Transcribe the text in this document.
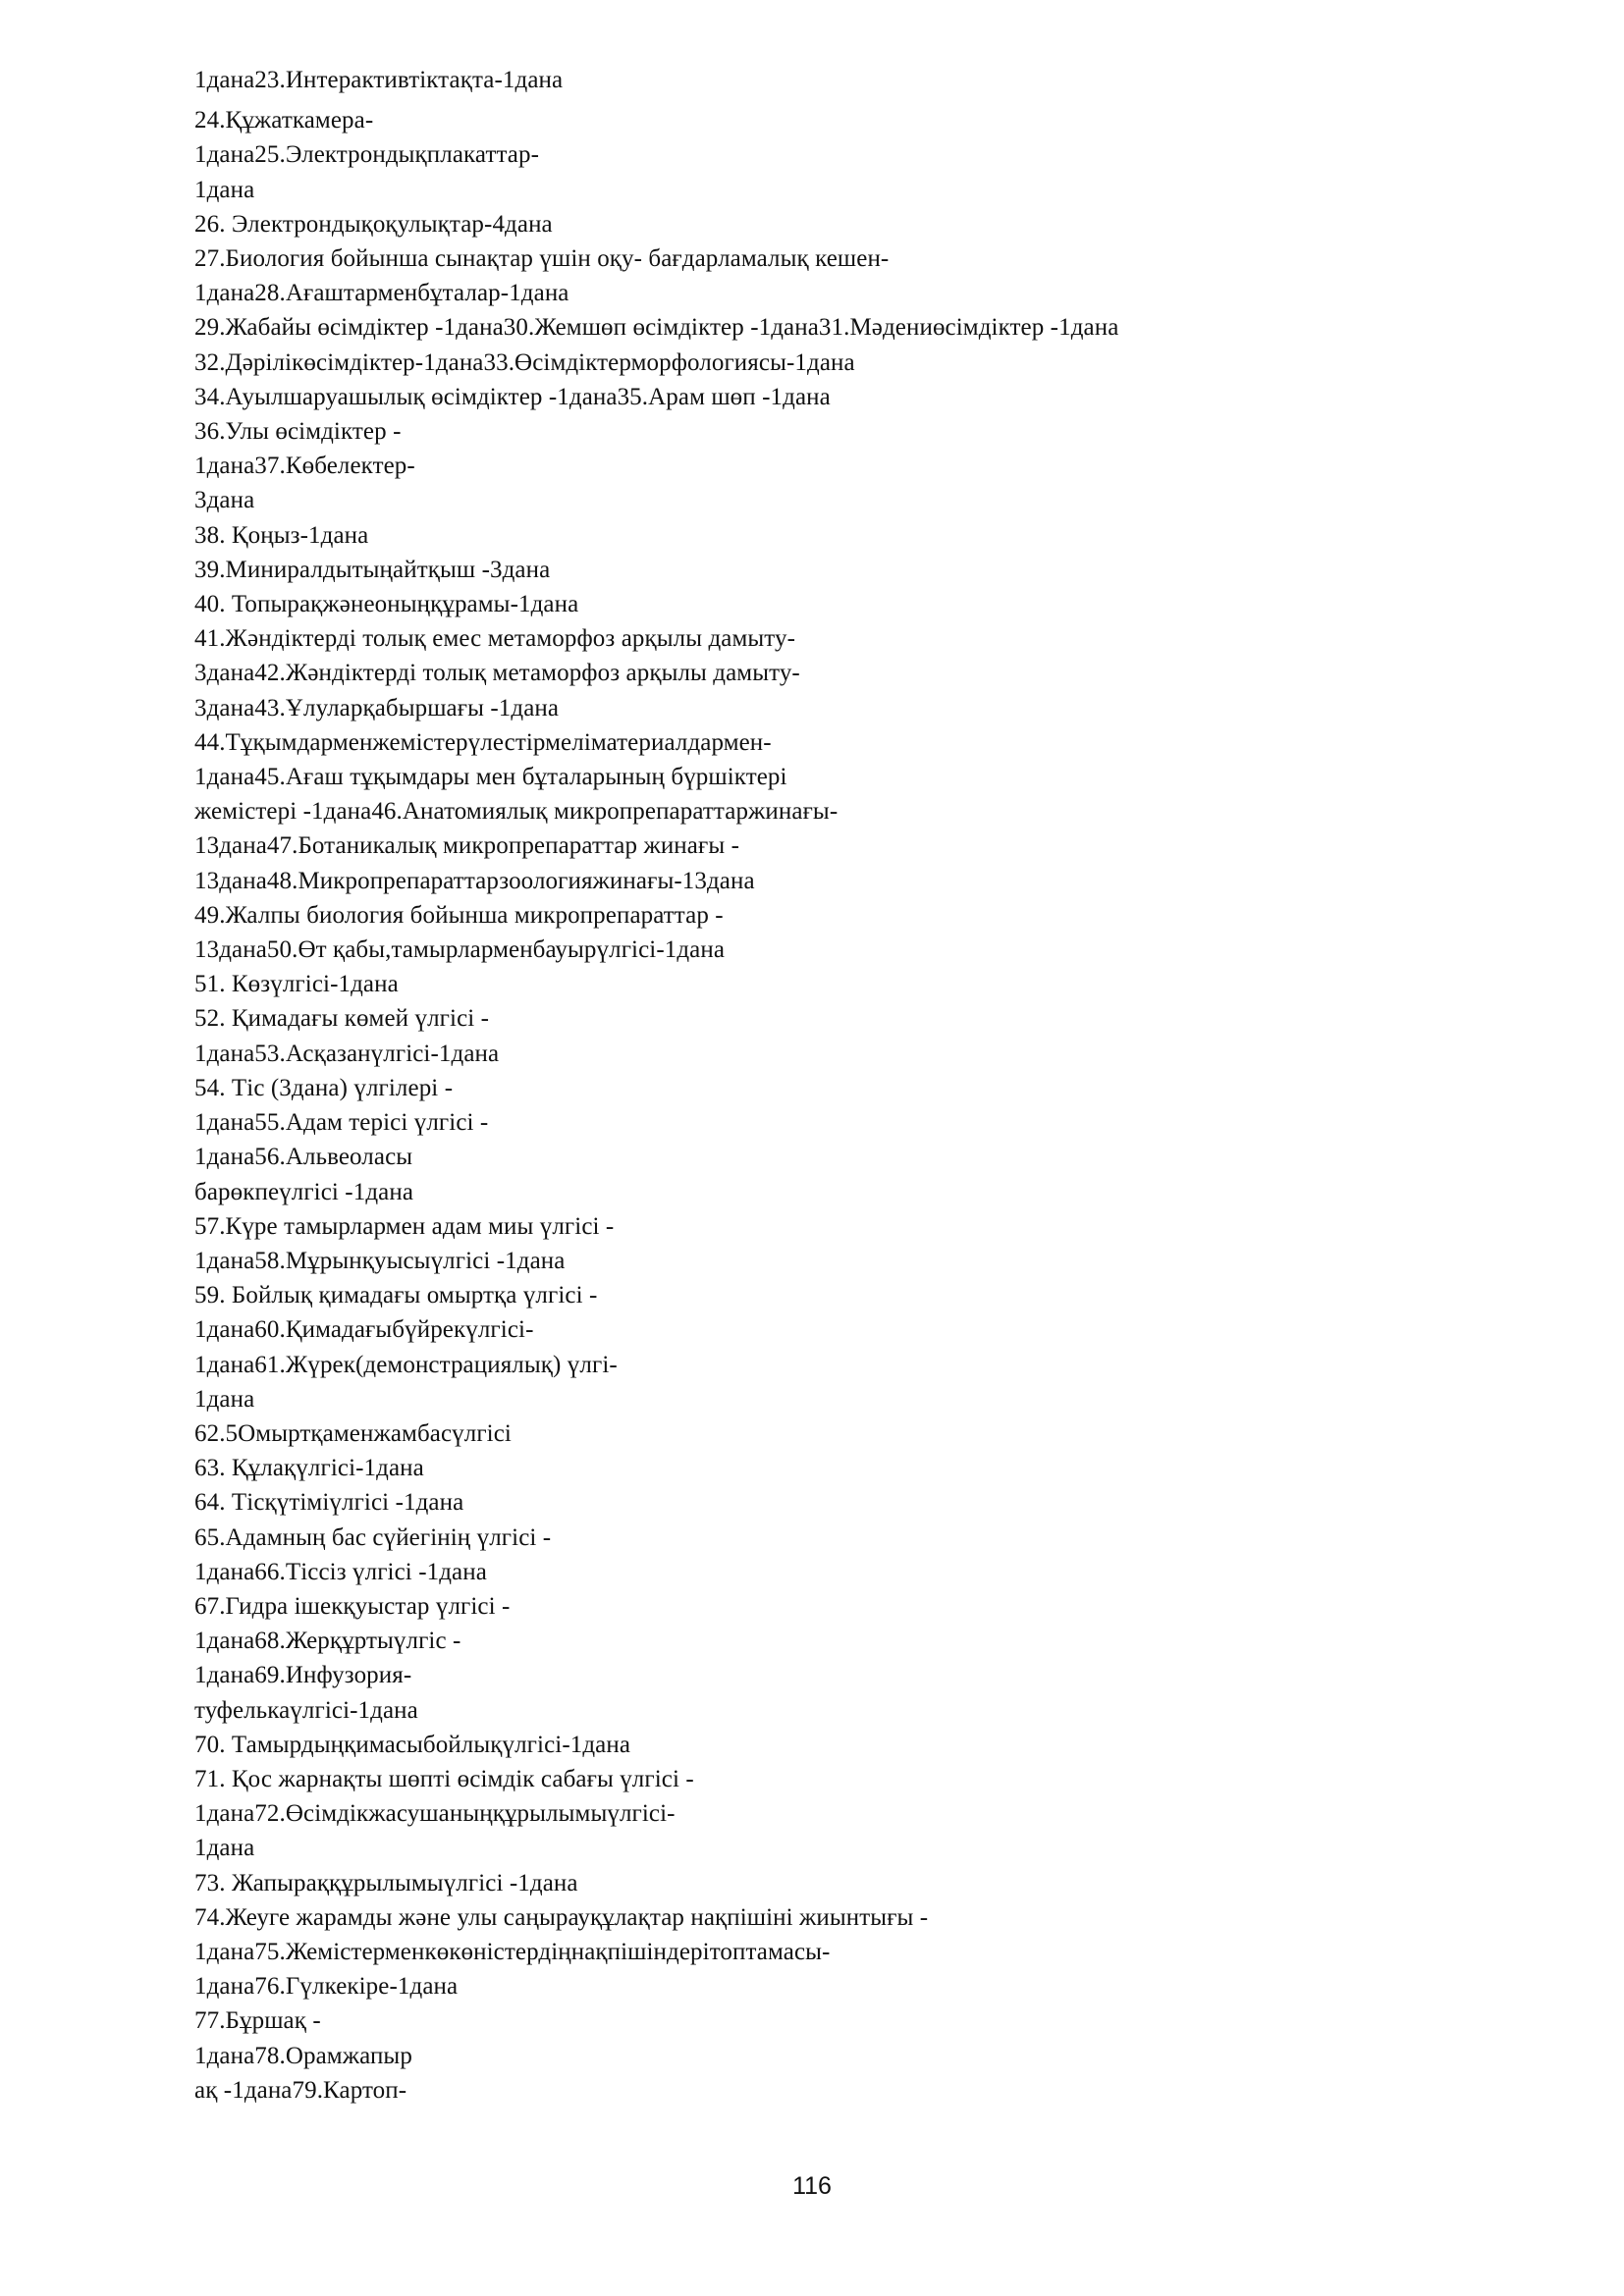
1дана23.Интерактивтіктақта-1дана
24.Құжаткамера-
1дана25.Электрондықплакаттар-
1дана
26. Электрондықоқулықтар-4дана
27.Биология бойынша сынақтар үшін оқу- бағдарламалық кешен-
1дана28.Ағаштарменбұталар-1дана
29.Жабайы өсімдіктер -1дана30.Жемшөп өсімдіктер -1дана31.Мәдениөсімдіктер -1дана
32.Дәрілікөсімдіктер-1дана33.Өсімдіктерморфологиясы-1дана
34.Ауылшаруашылық өсімдіктер -1дана35.Арам шөп -1дана
36.Улы өсімдіктер -
1дана37.Көбелектер-
3дана
38. Қоңыз-1дана
39.Миниралдытыңайтқыш -3дана
40. Топырақжәнеоныңқұрамы-1дана
41.Жәндіктерді толық емес метаморфоз арқылы дамыту-
3дана42.Жәндіктерді толық метаморфоз арқылы дамыту-
3дана43.Ұлуларқабыршағы -1дана
44.Тұқымдарменжемістерүлестірмеліматериалдармен-
1дана45.Ағаш тұқымдары мен бұталарының бүршіктері
жемістері -1дана46.Анатомиялық микропрепараттаржинағы-
13дана47.Ботаникалық микропрепараттар жинағы -
13дана48.Микропрепараттарзоологияжинағы-13дана
49.Жалпы биология бойынша микропрепараттар -
13дана50.Өт қабы,тамырларменбауырүлгісі-1дана
51. Көзүлгісі-1дана
52. Қимадағы көмей үлгісі -
1дана53.Асқазанүлгісі-1дана
54. Тіс (3дана) үлгілері -
1дана55.Адам терісі үлгісі -
1дана56.Альвеоласы
барөкпеүлгісі -1дана
57.Күре тамырлармен адам миы үлгісі -
1дана58.Мұрынқуысыүлгісі -1дана
59. Бойлық қимадағы омыртқа үлгісі -
1дана60.Қимадағыбүйрекүлгісі-
1дана61.Жүрек(демонстрациялық) үлгі-
1дана
62.5Омыртқаменжамбасүлгісі
63. Құлақүлгісі-1дана
64. Тісқүтіміүлгісі -1дана
65.Адамның бас сүйегінің үлгісі -
1дана66.Тіссіз үлгісі -1дана
67.Гидра ішекқуыстар үлгісі -
1дана68.Жерқұртыүлгіс -
1дана69.Инфузория-
туфелькаүлгісі-1дана
70. Тамырдыңқимасыбойлықүлгісі-1дана
71. Қос жарнақты шөпті өсімдік сабағы үлгісі -
1дана72.Өсімдікжасушаныңқұрылымыүлгісі-
1дана
73. Жапыраққұрылымыүлгісі -1дана
74.Жеуге жарамды және улы саңырауқұлақтар нақпішіні жиынтығы -
1дана75.Жемістерменкөкөністердіңнақпішіндерітоптамасы-
1дана76.Гүлкекіре-1дана
77.Бұршақ -
1дана78.Орамжапыр
ақ -1дана79.Картоп-
116
